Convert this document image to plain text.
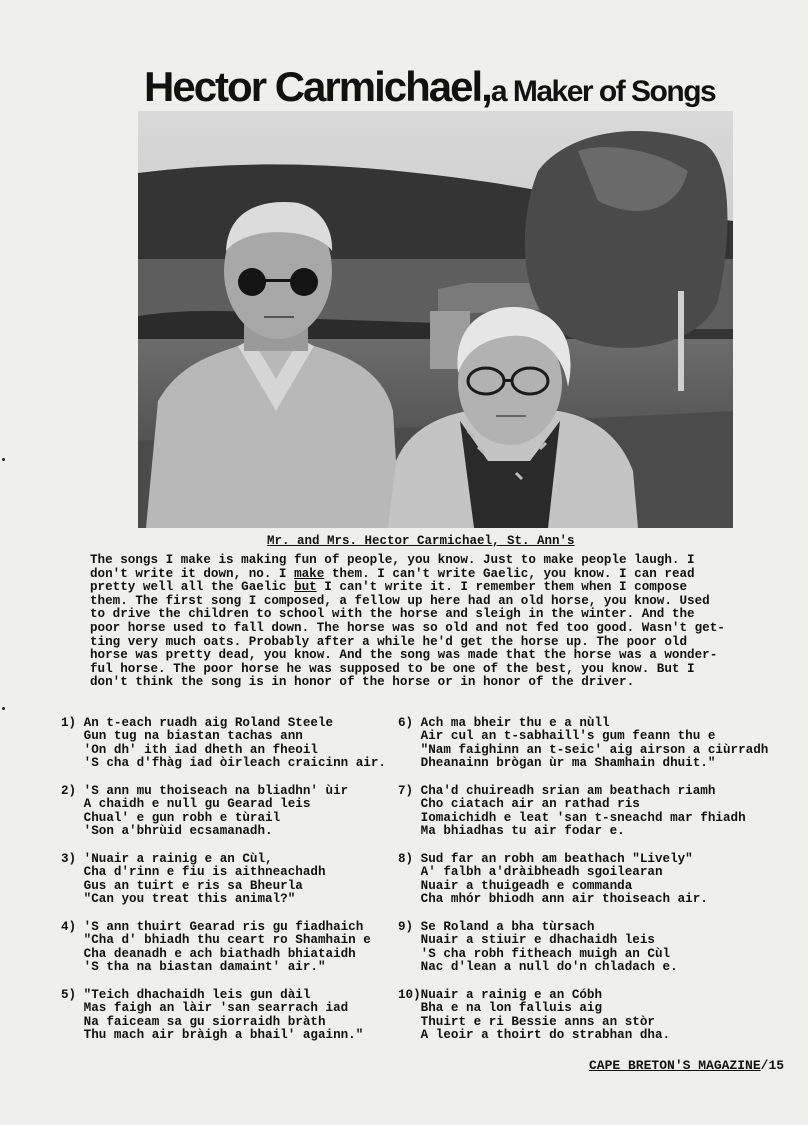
Hector Carmichael,a Maker of Songs
Mr. and Mrs. Hector Carmichael, St. Ann's
The songs I make is making fun of people, you know. Just to make people laugh. I
don't write it down, no. I make them. I can't write Gaelic, you know. I can read
pretty well all the Gaelic but I can't write it. I remember them when I compose
them. The first song I composed, a fellow up here had an old horse, you know. Used
to drive the children to school with the horse and sleigh in the winter. And the
poor horse used to fall down. The horse was so old and not fed too good. Wasn't get-
ting very much oats. Probably after a while he'd get the horse up. The poor old
horse was pretty dead, you know. And the song was made that the horse was a wonder-
ful horse. The poor horse he was supposed to be one of the best, you know. But I
don't think the song is in honor of the horse or in honor of the driver.
1) An t-each ruadh aig Roland Steele
Gun tug na biastan tachas ann
'On dh' ith iad dheth an fheoil
'S cha d'fhàg iad òirleach craicinn air.
2) 'S ann mu thoiseach na bliadhn' ùir
A chaidh e null gu Gearad leis
Chual' e gun robh e tùrail
'Son a'bhrùid ecsamanadh.
3) 'Nuair a rainig e an Cùl,
Cha d'rinn e fiu is aithneachadh
Gus an tuirt e ris sa Bheurla
"Can you treat this animal?"
4) 'S ann thuirt Gearad ris gu fiadhaich
"Cha d' bhiadh thu ceart ro Shamhain e
Cha deanadh e ach biathadh bhiataidh
'S tha na biastan damaint' air."
5) "Teich dhachaidh leis gun dàil
Mas faigh an làir 'san searrach iad
Na faiceam sa gu siorraidh bràth
Thu mach air bràigh a bhail' againn."
6) Ach ma bheir thu e a nùll
Air cul an t-sabhaill's gum feann thu e
"Nam faighinn an t-seic' aig airson a ciùrradh
Dheanainn brògan ùr ma Shamhain dhuit."
7) Cha'd chuireadh srian am beathach riamh
Cho ciatach air an rathad ris
Iomaichidh e leat 'san t-sneachd mar fhiadh
Ma bhiadhas tu air fodar e.
8) Sud far an robh am beathach "Lively"
A' falbh a'dràibheadh sgoilearan
Nuair a thuigeadh e commanda
Cha mhór bhiodh ann air thoiseach air.
9) Se Roland a bha tùrsach
Nuair a stiuir e dhachaidh leis
'S cha robh fitheach muigh an Cùl
Nac d'lean a null do'n chladach e.
10)Nuair a rainig e an Cóbh
Bha e na lon falluis aig
Thuirt e ri Bessie anns an stòr
A leoir a thoirt do strabhan dha.
CAPE BRETON'S MAGAZINE/15
